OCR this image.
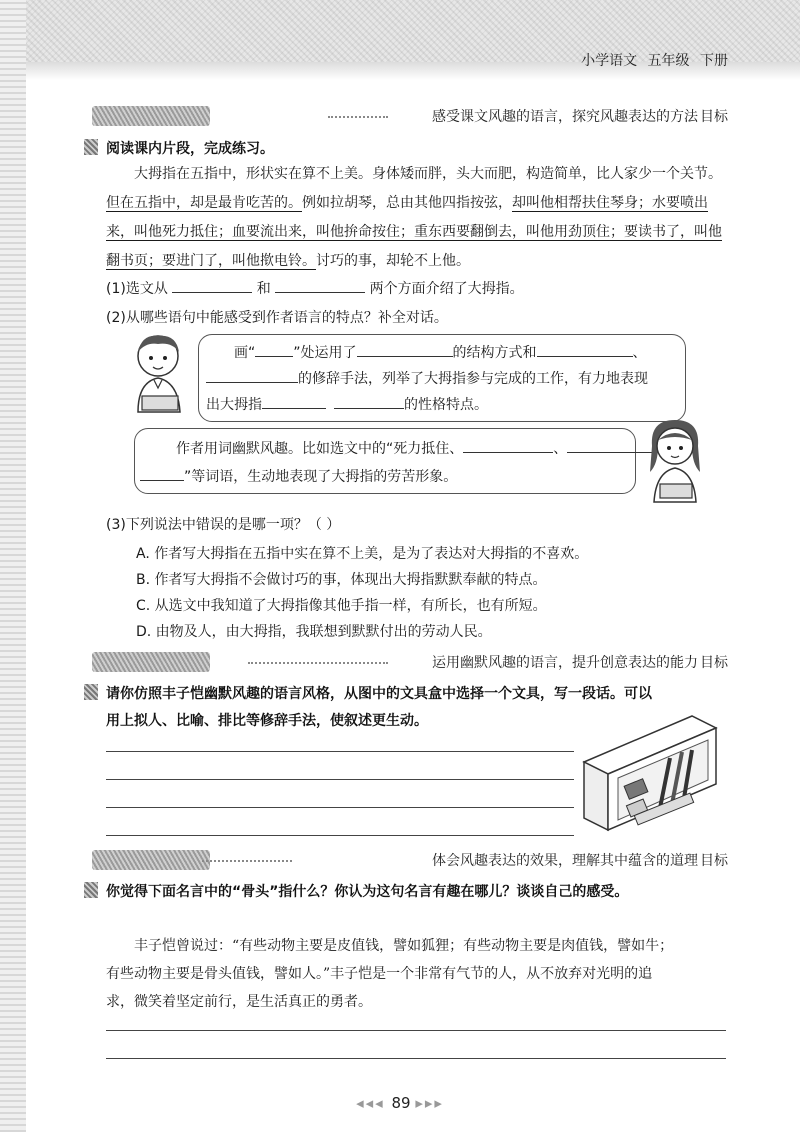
小学语文 五年级 下册
感受课文风趣的语言，探究风趣表达的方法 目标
阅读课内片段，完成练习。
大拇指在五指中，形状实在算不上美。身体矮而胖，头大而肥，构造简单，比人家少一个关节。但在五指中，却是最肯吃苦的。例如拉胡琴，总由其他四指按弦，却叫他相帮扶住琴身；水要喷出来，叫他死力抵住；血要流出来，叫他拚命按住；重东西要翻倒去，叫他用劲顶住；要读书了，叫他翻书页；要进门了，叫他揿电铃。讨巧的事，却轮不上他。
(1)选文从	和	两个方面介绍了大拇指。
(2)从哪些语句中能感受到作者语言的特点？补全对话。
画“	”处运用了	的结构方式和	、
的修辞手法，列举了大拇指参与完成的工作，有力地表现
出大拇指	的性格特点。
作者用词幽默风趣。比如选文中的“死力抵住、	、
”等词语，生动地表现了大拇指的劳苦形象。
(3)下列说法中错误的是哪一项？（ ）
A. 作者写大拇指在五指中实在算不上美，是为了表达对大拇指的不喜欢。
B. 作者写大拇指不会做讨巧的事，体现出大拇指默默奉献的特点。
C. 从选文中我知道了大拇指像其他手指一样，有所长，也有所短。
D. 由物及人，由大拇指，我联想到默默付出的劳动人民。
运用幽默风趣的语言，提升创意表达的能力 目标
请你仿照丰子恺幽默风趣的语言风格，从图中的文具盒中选择一个文具，写一段话。可以
用上拟人、比喻、排比等修辞手法，使叙述更生动。
体会风趣表达的效果，理解其中蕴含的道理 目标
你觉得下面名言中的“骨头”指什么？你认为这句名言有趣在哪儿？谈谈自己的感受。
丰子恺曾说过：“有些动物主要是皮值钱，譬如狐狸；有些动物主要是肉值钱，譬如牛；
有些动物主要是骨头值钱，譬如人。”丰子恺是一个非常有气节的人，从不放弃对光明的追
求，微笑着坚定前行，是生活真正的勇者。
◂◂◂ 89 ▸▸▸
